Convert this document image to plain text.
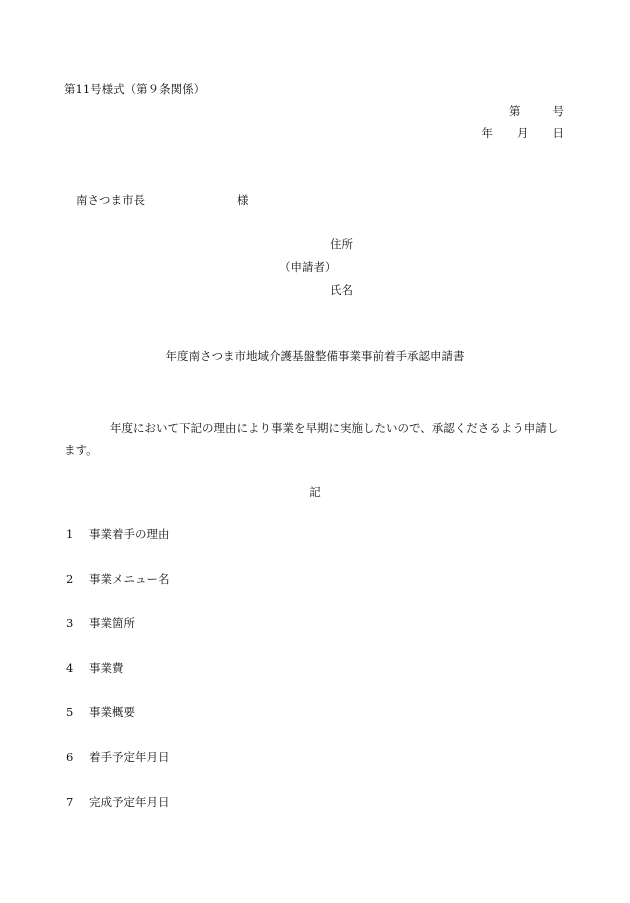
第11号様式（第９条関係）
第	号
年 月 日
南さつま市長	様
住所
（申請者）
氏名
年度南さつま市地域介護基盤整備事業事前着手承認申請書
年度において下記の理由により事業を早期に実施したいので、承認くださるよう申請します。
記
1	事業着手の理由
2	事業メニュー名
3	事業箇所
4	事業費
5	事業概要
6	着手予定年月日
7	完成予定年月日
